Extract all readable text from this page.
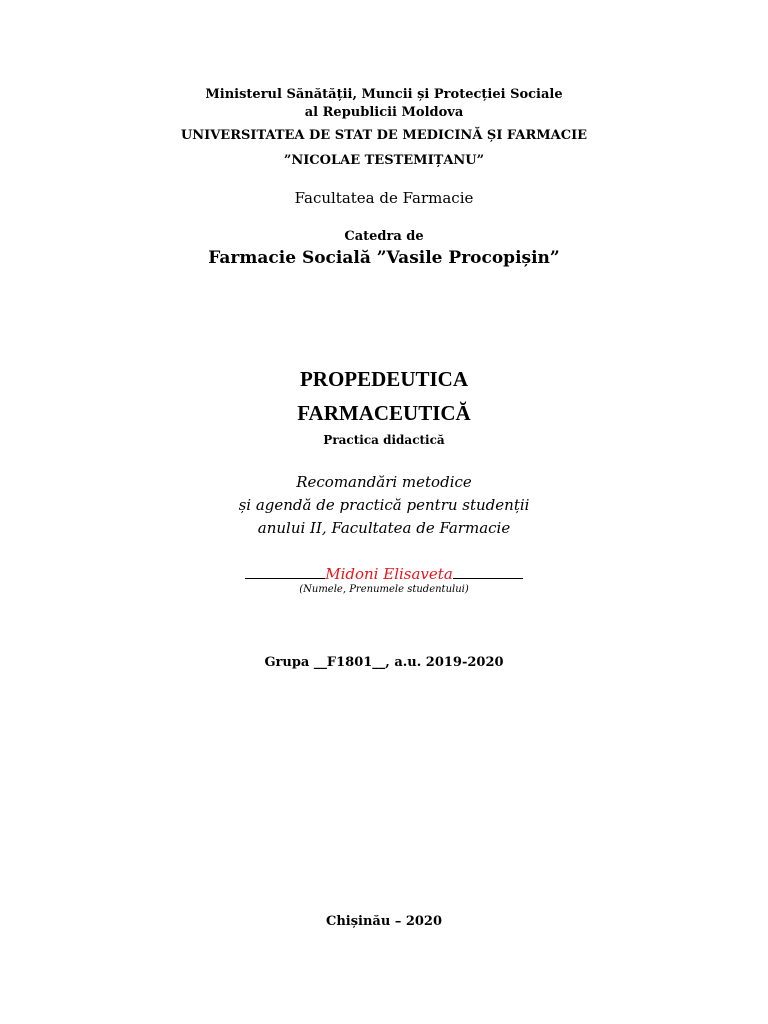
Ministerul Sănătății, Muncii și Protecției Sociale
al Republicii Moldova
UNIVERSITATEA DE STAT DE MEDICINĂ ȘI FARMACIE
”NICOLAE TESTEMIȚANU”
Facultatea de Farmacie
Catedra de
Farmacie Socială ”Vasile Procopișin”
PROPEDEUTICA
FARMACEUTICĂ
Practica didactică
Recomandări metodice
și agendă de practică pentru studenții
anului II, Facultatea de Farmacie
Midoni Elisaveta
(Numele, Prenumele studentului)
Grupa __F1801__, a.u. 2019-2020
Chișinău – 2020
